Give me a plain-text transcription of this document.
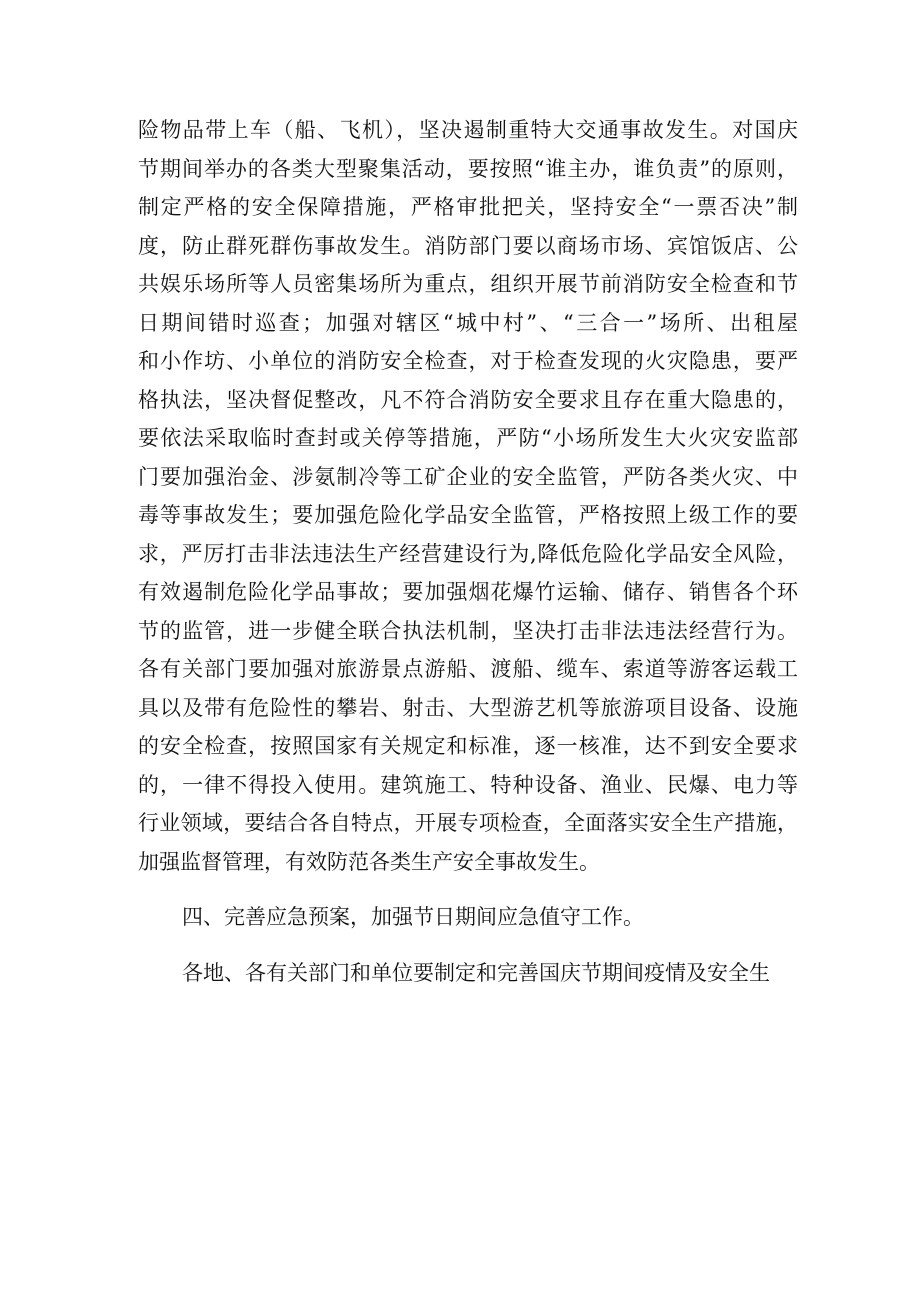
险物品带上车（船、飞机），坚决遏制重特大交通事故发生。对国庆
节期间举办的各类大型聚集活动，要按照“谁主办，谁负责”的原则，
制定严格的安全保障措施，严格审批把关，坚持安全“一票否决”制
度，防止群死群伤事故发生。消防部门要以商场市场、宾馆饭店、公
共娱乐场所等人员密集场所为重点，组织开展节前消防安全检查和节
日期间错时巡查；加强对辖区“城中村”、“三合一”场所、出租屋
和小作坊、小单位的消防安全检查，对于检查发现的火灾隐患，要严
格执法，坚决督促整改，凡不符合消防安全要求且存在重大隐患的，
要依法采取临时查封或关停等措施，严防“小场所发生大火灾安监部
门要加强治金、涉氨制冷等工矿企业的安全监管，严防各类火灾、中
毒等事故发生；要加强危险化学品安全监管，严格按照上级工作的要
求，严厉打击非法违法生产经营建设行为,降低危险化学品安全风险，
有效遏制危险化学品事故；要加强烟花爆竹运输、储存、销售各个环
节的监管，进一步健全联合执法机制，坚决打击非法违法经营行为。
各有关部门要加强对旅游景点游船、渡船、缆车、索道等游客运载工
具以及带有危险性的攀岩、射击、大型游艺机等旅游项目设备、设施
的安全检查，按照国家有关规定和标准，逐一核准，达不到安全要求
的，一律不得投入使用。建筑施工、特种设备、渔业、民爆、电力等
行业领域，要结合各自特点，开展专项检查，全面落实安全生产措施，
加强监督管理，有效防范各类生产安全事故发生。
四、完善应急预案，加强节日期间应急值守工作。
各地、各有关部门和单位要制定和完善国庆节期间疫情及安全生
